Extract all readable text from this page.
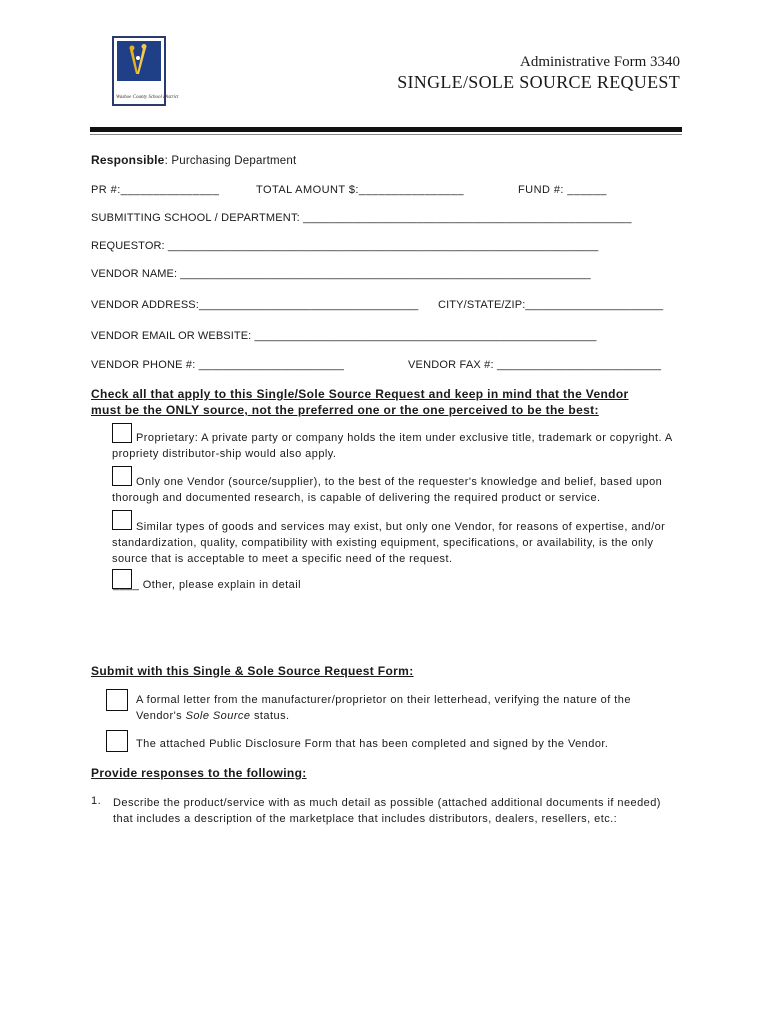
Washoe County School District
Administrative Form 3340
SINGLE/SOLE SOURCE REQUEST
Responsible: Purchasing Department
PR #:_______________	TOTAL AMOUNT $:________________	FUND #: ______
SUBMITTING SCHOOL / DEPARTMENT: ____________________________________________________
REQUESTOR: _____________________________________________________________________
VENDOR NAME: __________________________________________________________________
VENDOR ADDRESS:___________________________________ CITY/STATE/ZIP:______________________
VENDOR EMAIL OR WEBSITE: _______________________________________________________
VENDOR PHONE #: _______________________	VENDOR FAX #: __________________________
Check all that apply to this Single/Sole Source Request and keep in mind that the Vendor
must be the ONLY source, not the preferred one or the one perceived to be the best:
Proprietary: A private party or company holds the item under exclusive title, trademark or copyright. A propriety distributor-ship would also apply.
Only one Vendor (source/supplier), to the best of the requester's knowledge and belief, based upon thorough and documented research, is capable of delivering the required product or service.
Similar types of goods and services may exist, but only one Vendor, for reasons of expertise, and/or standardization, quality, compatibility with existing equipment, specifications, or availability, is the only source that is acceptable to meet a specific need of the request.
____ Other, please explain in detail
Submit with this Single & Sole Source Request Form:
A formal letter from the manufacturer/proprietor on their letterhead, verifying the nature of the
Vendor's Sole Source status.
The attached Public Disclosure Form that has been completed and signed by the Vendor.
Provide responses to the following:
1. Describe the product/service with as much detail as possible (attached additional documents if needed) that includes a description of the marketplace that includes distributors, dealers, resellers, etc.:
